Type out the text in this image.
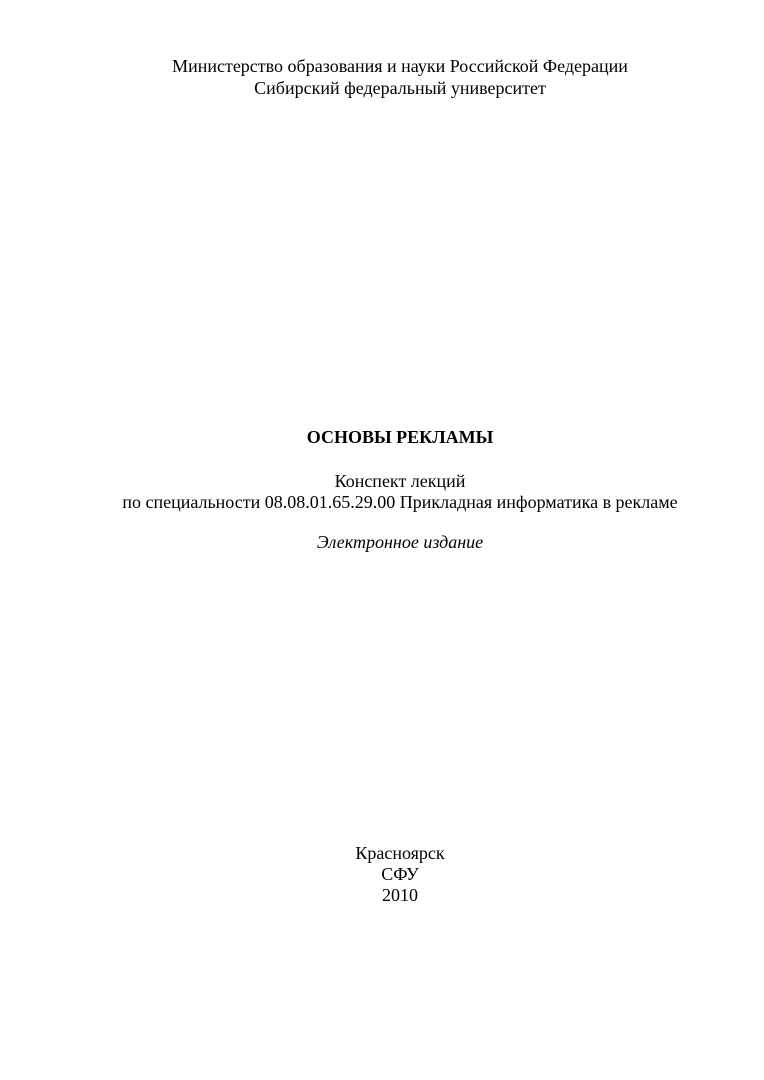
Министерство образования и науки Российской Федерации
Сибирский федеральный университет
ОСНОВЫ РЕКЛАМЫ
Конспект лекций
по специальности 08.08.01.65.29.00 Прикладная информатика в рекламе
Электронное издание
Красноярск
СФУ
2010
